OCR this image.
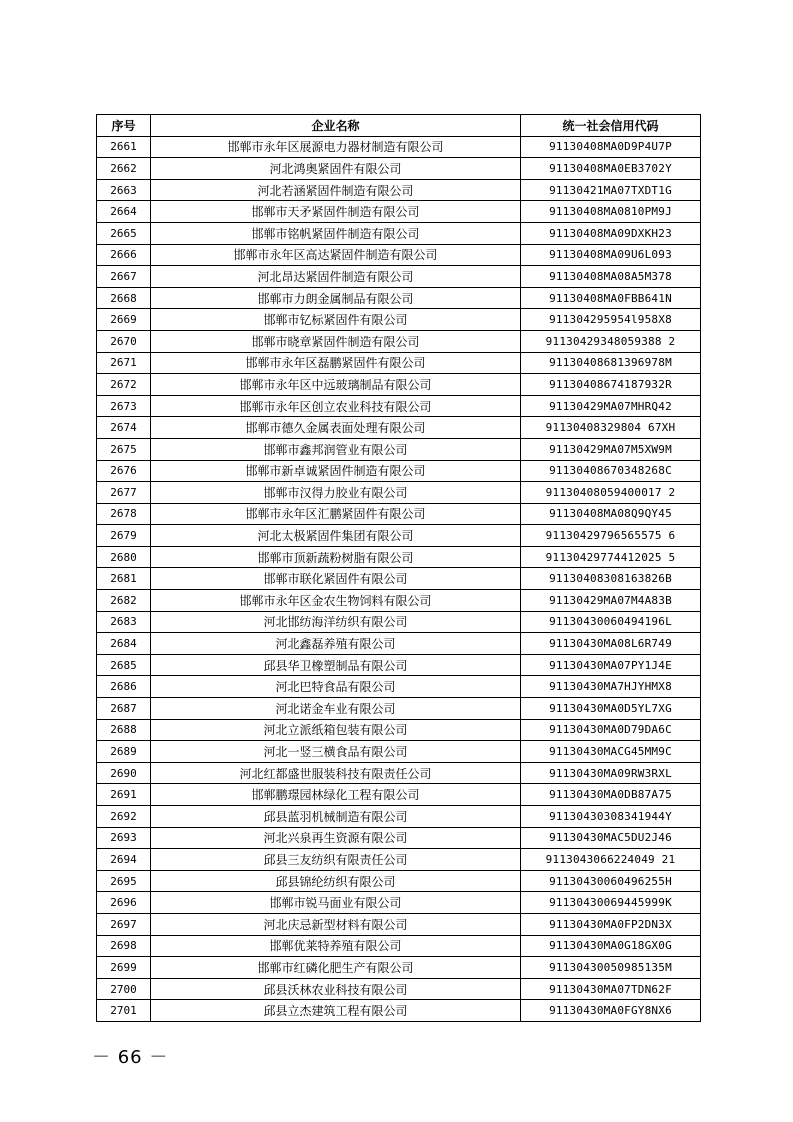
序号	企业名称	统一社会信用代码
2661	邯郸市永年区展源电力器材制造有限公司	91130408MA0D9P4U7P
2662	河北鸿奥紧固件有限公司	91130408MA0EB3702Y
2663	河北若涵紧固件制造有限公司	91130421MA07TXDT1G
2664	邯郸市天矛紧固件制造有限公司	91130408MA0810PM9J
2665	邯郸市铭帆紧固件制造有限公司	91130408MA09DXKH23
2666	邯郸市永年区高达紧固件制造有限公司	91130408MA09U6L093
2667	河北昂达紧固件制造有限公司	91130408MA08A5M378
2668	邯郸市力朗金属制品有限公司	91130408MA0FBB641N
2669	邯郸市钇标紧固件有限公司	911304295954l958X8
2670	邯郸市晓章紧固件制造有限公司	91130429348059388 2
2671	邯郸市永年区磊鹏紧固件有限公司	91130408681396978M
2672	邯郸市永年区中远玻璃制品有限公司	91130408674187932R
2673	邯郸市永年区创立农业科技有限公司	91130429MA07MHRQ42
2674	邯郸市德久金属表面处理有限公司	91130408329804 67XH
2675	邯郸市鑫邦润管业有限公司	91130429MA07M5XW9M
2676	邯郸市新卓诚紧固件制造有限公司	91130408670348268C
2677	邯郸市汉得力胶业有限公司	91130408059400017 2
2678	邯郸市永年区汇鹏紧固件有限公司	91130408MA08Q9QY45
2679	河北太极紧固件集团有限公司	91130429796565575 6
2680	邯郸市顶新蔬粉树脂有限公司	91130429774412025 5
2681	邯郸市联化紧固件有限公司	91130408308163826B
2682	邯郸市永年区金农生物饲料有限公司	91130429MA07M4A83B
2683	河北邯纺海洋纺织有限公司	91130430060494196L
2684	河北鑫磊养殖有限公司	91130430MA08L6R749
2685	邱县华卫橡塑制品有限公司	91130430MA07PY1J4E
2686	河北巴特食品有限公司	91130430MA7HJYHMX8
2687	河北诺金车业有限公司	91130430MA0D5YL7XG
2688	河北立派纸箱包装有限公司	91130430MA0D79DA6C
2689	河北一竖三横食品有限公司	91130430MACG45MM9C
2690	河北红都盛世服装科技有限责任公司	91130430MA09RW3RXL
2691	邯郸鹏璟园林绿化工程有限公司	91130430MA0DB87A75
2692	邱县蓝羽机械制造有限公司	91130430308341944Y
2693	河北兴泉再生资源有限公司	91130430MAC5DU2J46
2694	邱县三友纺织有限责任公司	9113043066224049 21
2695	邱县锦纶纺织有限公司	91130430060496255H
2696	邯郸市锐马面业有限公司	91130430069445999K
2697	河北庆忌新型材料有限公司	91130430MA0FP2DN3X
2698	邯郸优莱特养殖有限公司	91130430MA0G18GX0G
2699	邯郸市红磷化肥生产有限公司	91130430050985135M
2700	邱县沃林农业科技有限公司	91130430MA07TDN62F
2701	邱县立杰建筑工程有限公司	91130430MA0FGY8NX6
－ 66 －
